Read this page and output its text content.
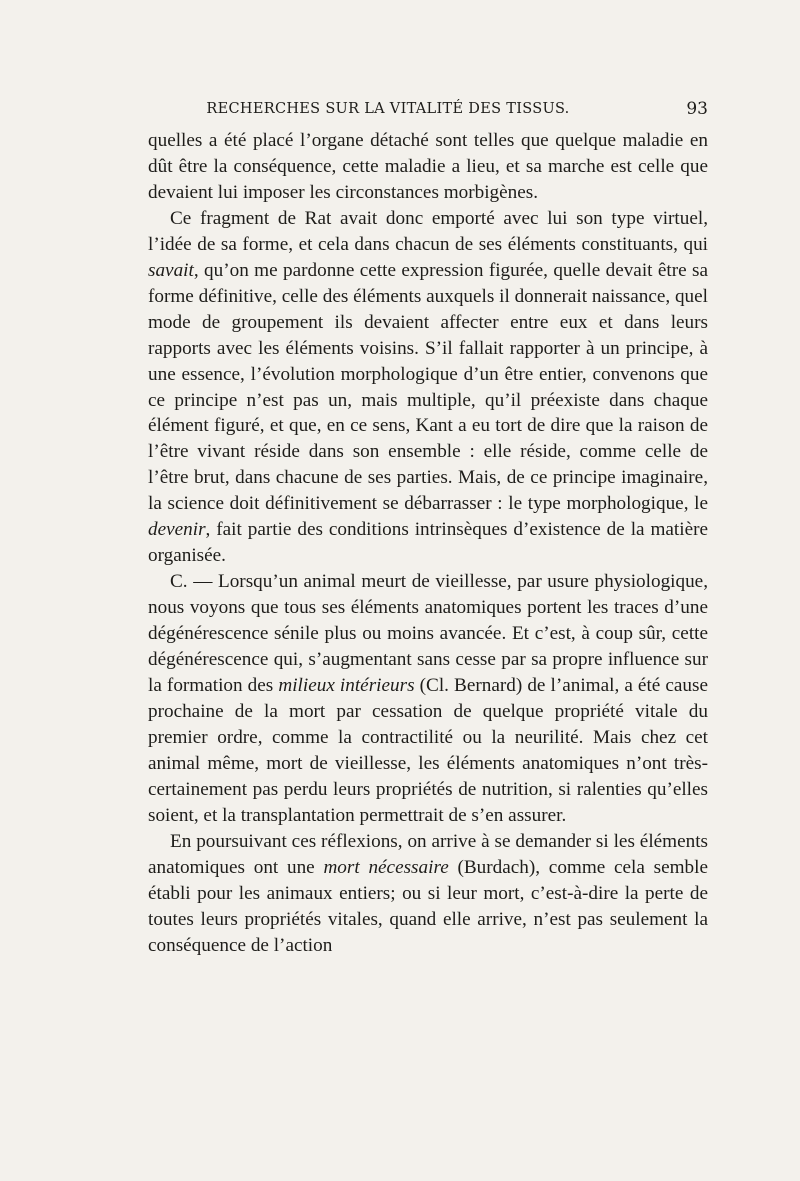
RECHERCHES SUR LA VITALITÉ DES TISSUS.	93

quelles a été placé l’organe détaché sont telles que quelque maladie en dût être la conséquence, cette maladie a lieu, et sa marche est celle que devaient lui imposer les circonstances morbigènes.

Ce fragment de Rat avait donc emporté avec lui son type virtuel, l’idée de sa forme, et cela dans chacun de ses éléments constituants, qui savait, qu’on me pardonne cette expression figurée, quelle devait être sa forme définitive, celle des éléments auxquels il donnerait naissance, quel mode de groupement ils devaient affecter entre eux et dans leurs rapports avec les éléments voisins. S’il fallait rapporter à un principe, à une essence, l’évolution morphologique d’un être entier, convenons que ce principe n’est pas un, mais multiple, qu’il préexiste dans chaque élément figuré, et que, en ce sens, Kant a eu tort de dire que la raison de l’être vivant réside dans son ensemble : elle réside, comme celle de l’être brut, dans chacune de ses parties. Mais, de ce principe imaginaire, la science doit définitivement se débarrasser : le type morphologique, le devenir, fait partie des conditions intrinsèques d’existence de la matière organisée.

C. — Lorsqu’un animal meurt de vieillesse, par usure physiologique, nous voyons que tous ses éléments anatomiques portent les traces d’une dégénérescence sénile plus ou moins avancée. Et c’est, à coup sûr, cette dégénérescence qui, s’augmentant sans cesse par sa propre influence sur la formation des milieux intérieurs (Cl. Bernard) de l’animal, a été cause prochaine de la mort par cessation de quelque propriété vitale du premier ordre, comme la contractilité ou la neurilité. Mais chez cet animal même, mort de vieillesse, les éléments anatomiques n’ont très-certainement pas perdu leurs propriétés de nutrition, si ralenties qu’elles soient, et la transplantation permettrait de s’en assurer.

En poursuivant ces réflexions, on arrive à se demander si les éléments anatomiques ont une mort nécessaire (Burdach), comme cela semble établi pour les animaux entiers; ou si leur mort, c’est-à-dire la perte de toutes leurs propriétés vitales, quand elle arrive, n’est pas seulement la conséquence de l’action
